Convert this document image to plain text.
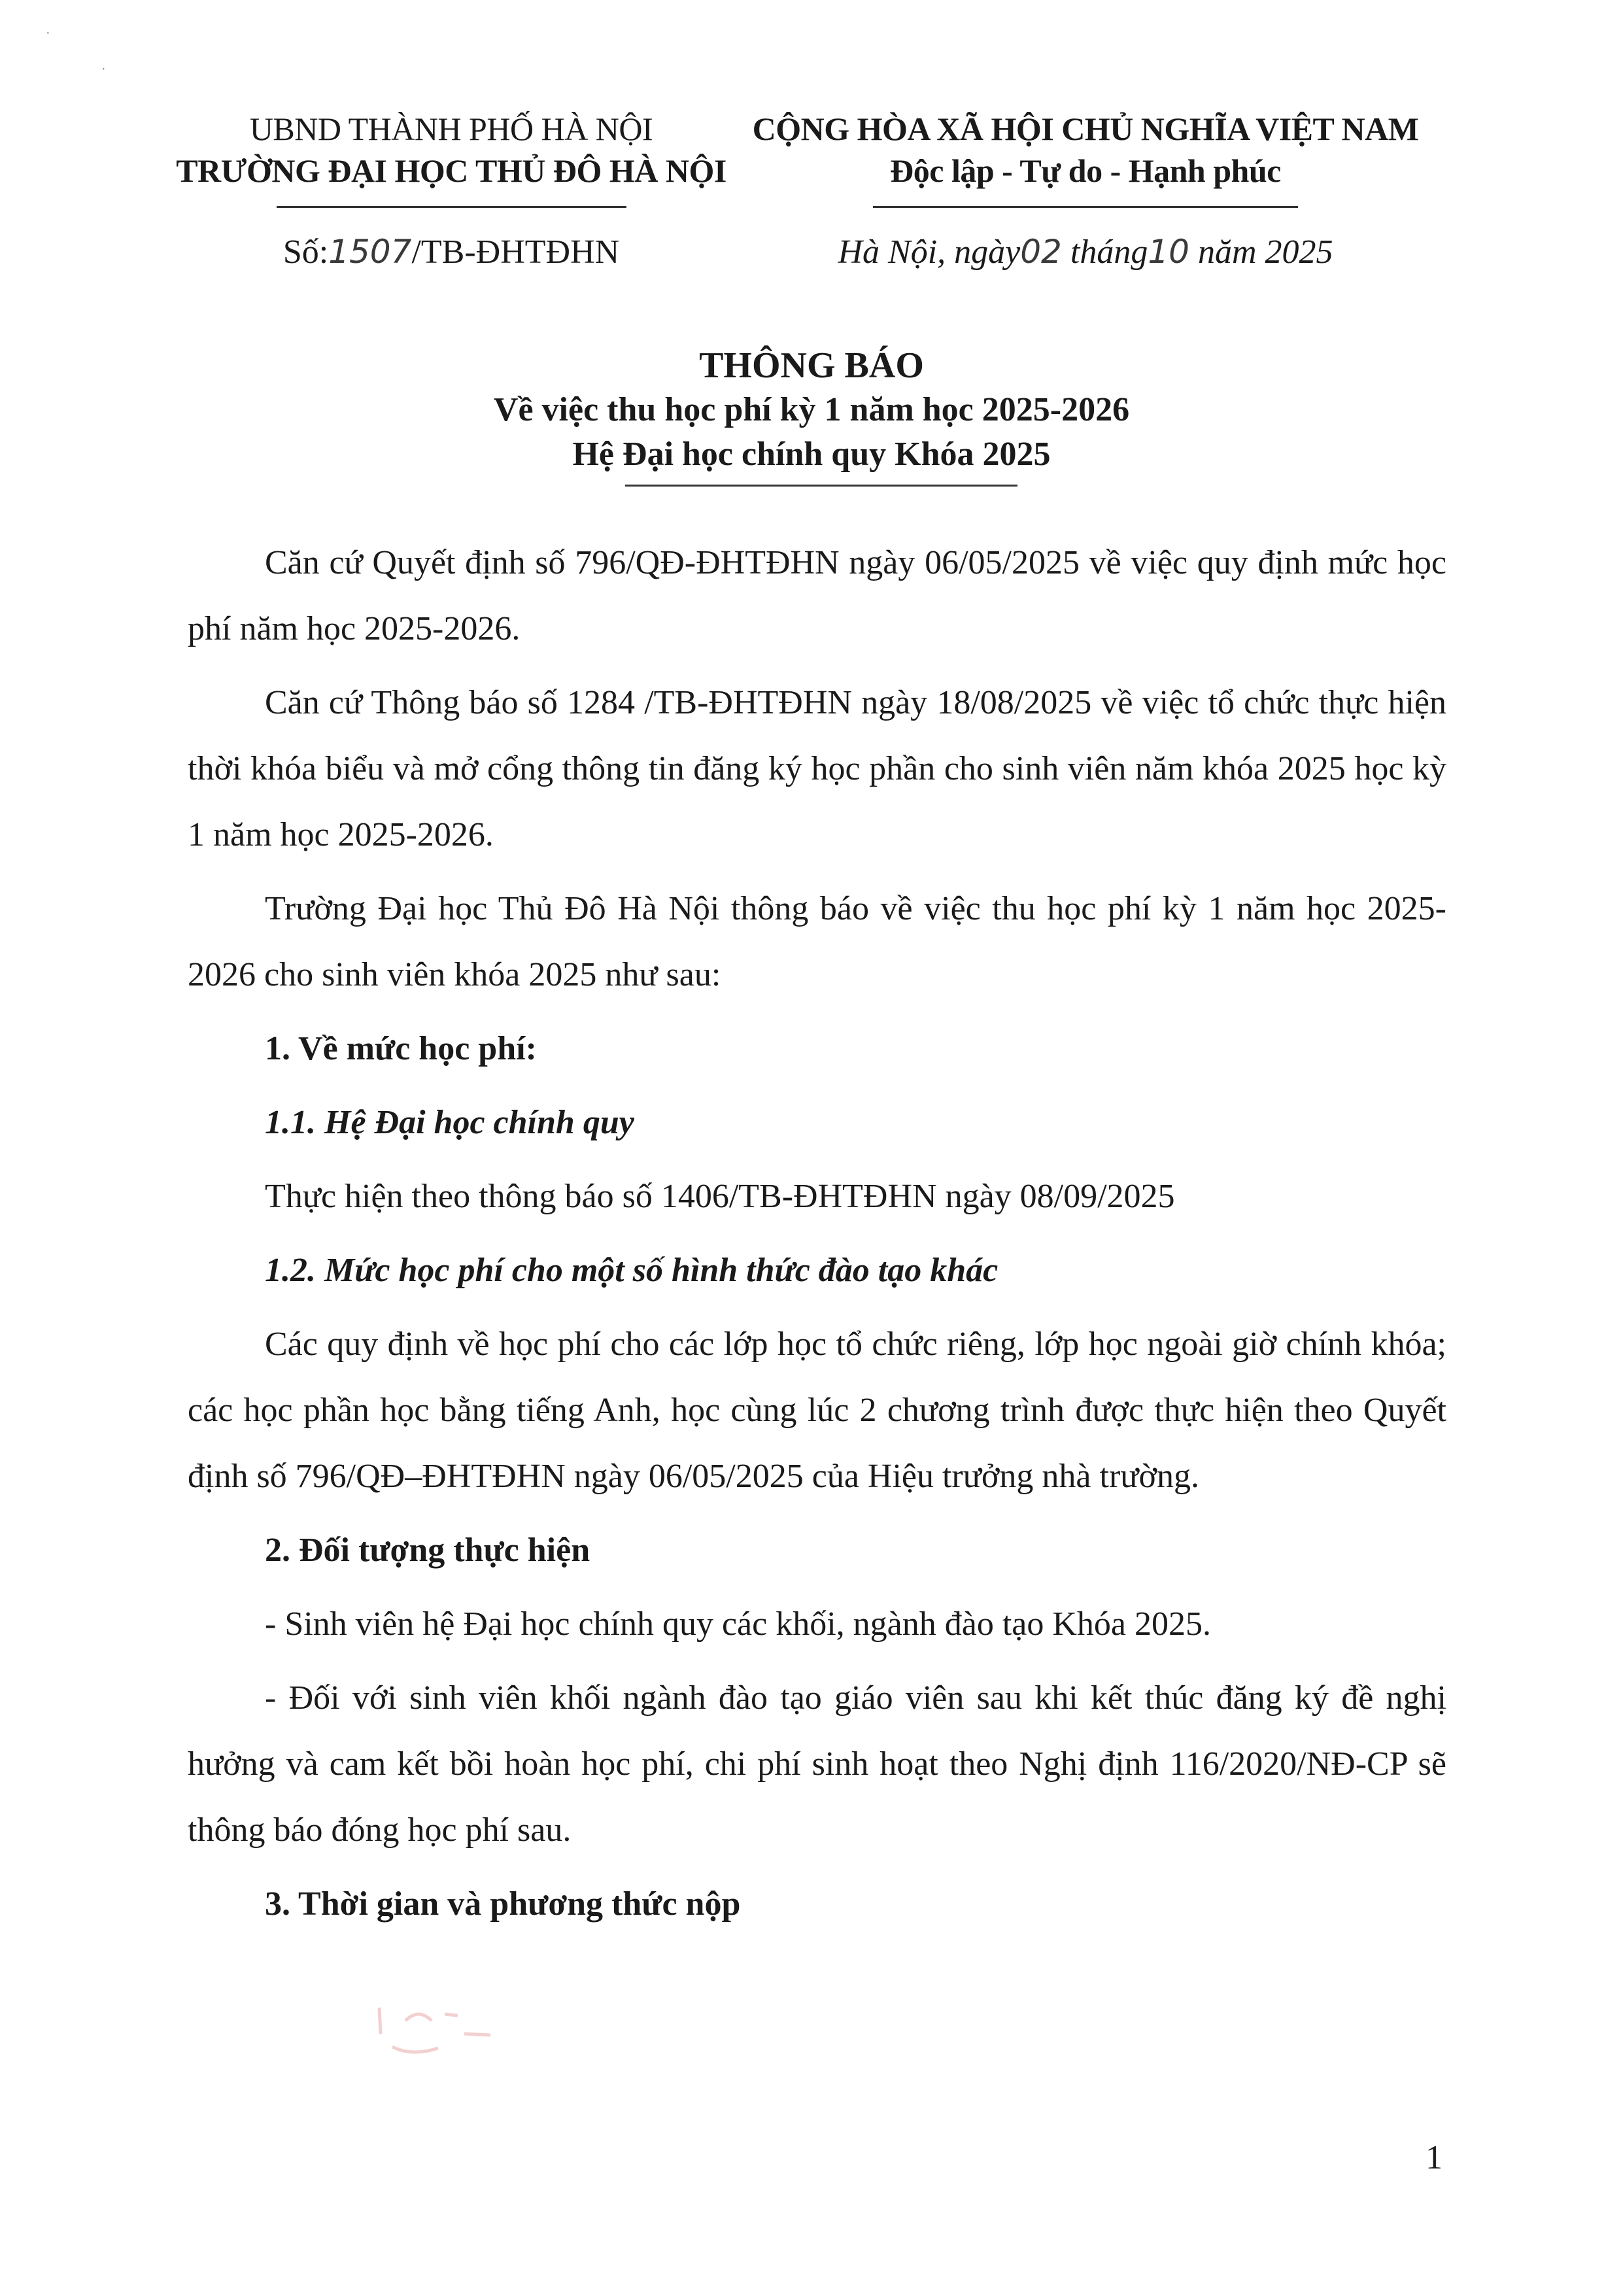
·
·
UBND THÀNH PHỐ HÀ NỘI
TRƯỜNG ĐẠI HỌC THỦ ĐÔ HÀ NỘI
CỘNG HÒA XÃ HỘI CHỦ NGHĨA VIỆT NAM
Độc lập - Tự do - Hạnh phúc
Số:1507/TB-ĐHTĐHN	Hà Nội, ngày02 tháng10 năm 2025
THÔNG BÁO
Về việc thu học phí kỳ 1 năm học 2025-2026
Hệ Đại học chính quy Khóa 2025

Căn cứ Quyết định số 796/QĐ-ĐHTĐHN ngày 06/05/2025 về việc quy định mức học phí năm học 2025-2026.

Căn cứ Thông báo số 1284 /TB-ĐHTĐHN ngày 18/08/2025 về việc tổ chức thực hiện thời khóa biểu và mở cổng thông tin đăng ký học phần cho sinh viên năm khóa 2025 học kỳ 1 năm học 2025-2026.

Trường Đại học Thủ Đô Hà Nội thông báo về việc thu học phí kỳ 1 năm học 2025-2026 cho sinh viên khóa 2025 như sau:

1. Về mức học phí:

1.1. Hệ Đại học chính quy

Thực hiện theo thông báo số 1406/TB-ĐHTĐHN ngày 08/09/2025

1.2. Mức học phí cho một số hình thức đào tạo khác

Các quy định về học phí cho các lớp học tổ chức riêng, lớp học ngoài giờ chính khóa; các học phần học bằng tiếng Anh, học cùng lúc 2 chương trình được thực hiện theo Quyết định số 796/QĐ–ĐHTĐHN ngày 06/05/2025 của Hiệu trưởng nhà trường.

2. Đối tượng thực hiện

- Sinh viên hệ Đại học chính quy các khối, ngành đào tạo Khóa 2025.

- Đối với sinh viên khối ngành đào tạo giáo viên sau khi kết thúc đăng ký đề nghị hưởng và cam kết bồi hoàn học phí, chi phí sinh hoạt theo Nghị định 116/2020/NĐ-CP sẽ thông báo đóng học phí sau.

3. Thời gian và phương thức nộp

1
